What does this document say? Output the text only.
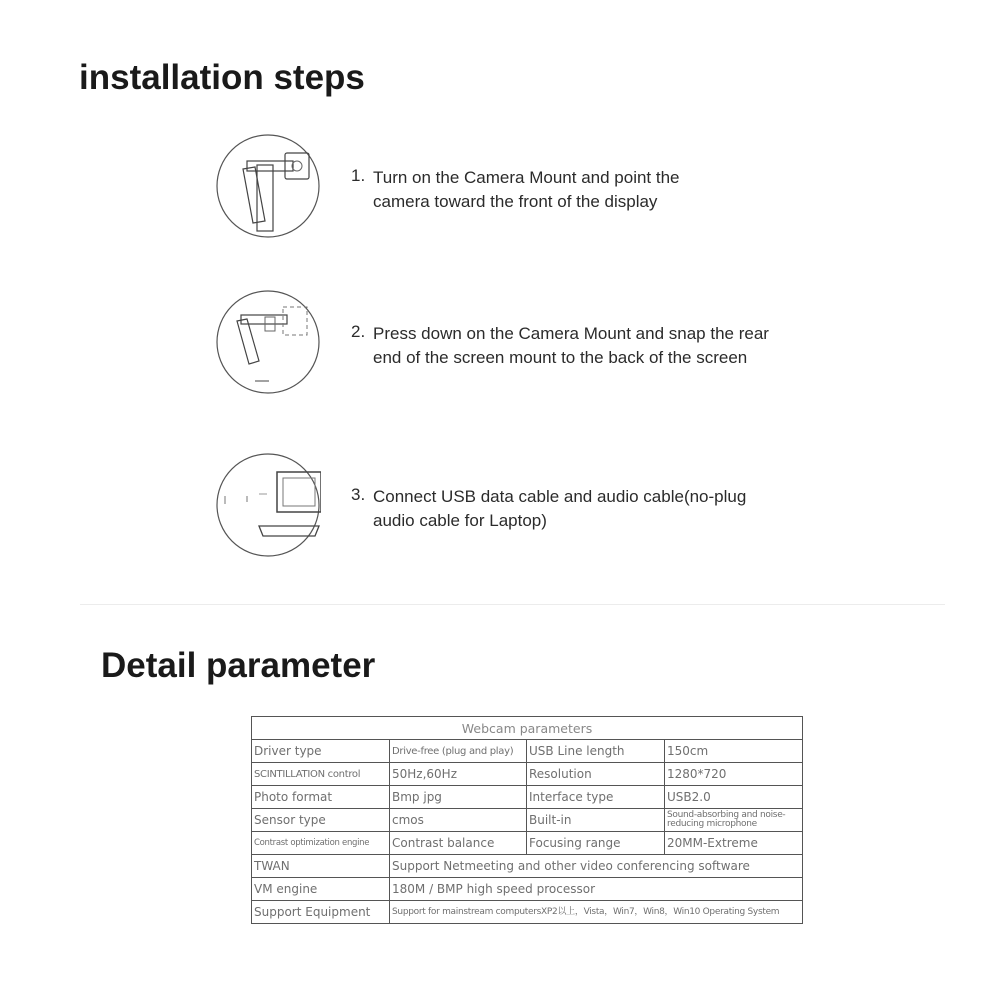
installation steps
1. Turn on the Camera Mount and point the
camera toward the front of the display
2. Press down on the Camera Mount and snap the rear
end of the screen mount to the back of the screen
3. Connect USB data cable and audio cable(no-plug
audio cable for Laptop)
Detail parameter
Webcam parameters			
Driver type	Drive-free (plug and play)	USB Line length	150cm
SCINTILLATION control	50Hz,60Hz	Resolution	1280*720
Photo format	Bmp jpg	Interface type	USB2.0
Sensor type	cmos	Built-in	Sound-absorbing and noise-reducing microphone
Contrast optimization engine	Contrast balance	Focusing range	20MM-Extreme
TWAN	Support Netmeeting and other video conferencing software		
VM engine	180M / BMP high speed processor		
Support Equipment	Support for mainstream computersXP2以上，Vista，Win7，Win8，Win10 Operating System		
